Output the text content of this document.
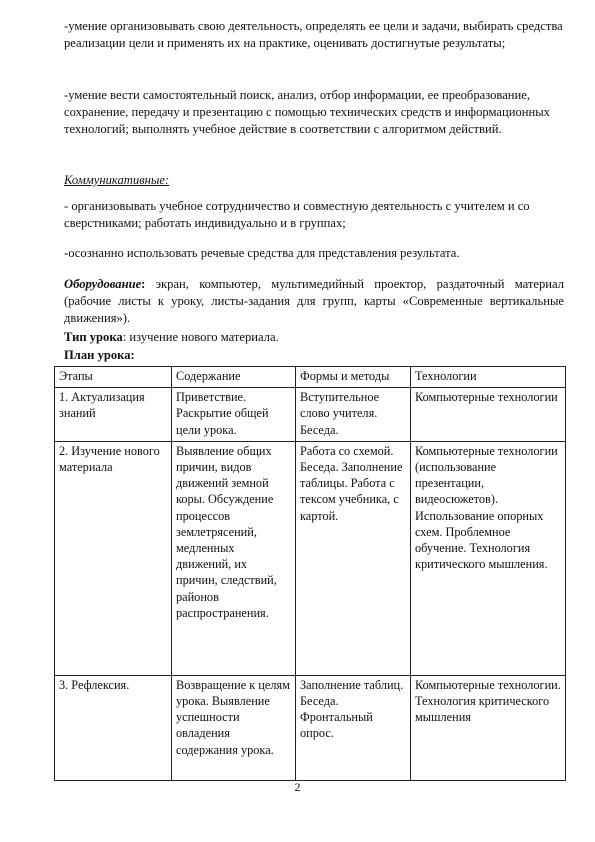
-умение организовывать свою деятельность, определять ее цели и задачи, выбирать средства реализации цели и применять их на практике, оценивать достигнутые результаты;

-умение вести самостоятельный поиск, анализ, отбор информации, ее преобразование, сохранение, передачу и презентацию с помощью технических средств и информационных технологий; выполнять учебное действие в соответствии с алгоритмом действий.

Коммуникативные:

- организовывать учебное сотрудничество и совместную деятельность с учителем и со сверстниками; работать индивидуально и в группах;

-осознанно использовать речевые средства для представления результата.

Оборудование: экран, компьютер, мультимедийный проектор, раздаточный материал (рабочие листы к уроку, листы-задания для групп, карты «Современные вертикальные движения»).

Тип урока: изучение нового материала.

План урока:

Этапы	Содержание	Формы и методы	Технологии
1. Актуализация знаний	Приветствие. Раскрытие общей цели урока.	Вступительное слово учителя. Беседа.	Компьютерные технологии
2. Изучение нового материала	Выявление общих причин, видов движений земной коры. Обсуждение процессов землетрясений, медленных движений, их причин, следствий, районов распространения.	Работа со схемой. Беседа. Заполнение таблицы. Работа с тексом учебника, с картой.	Компьютерные технологии (использование презентации, видеосюжетов). Использование опорных схем. Проблемное обучение. Технология критического мышления.
3. Рефлексия.	Возвращение к целям урока. Выявление успешности овладения содержания урока.	Заполнение таблиц. Беседа. Фронтальный опрос.	Компьютерные технологии. Технология критического мышления
2
